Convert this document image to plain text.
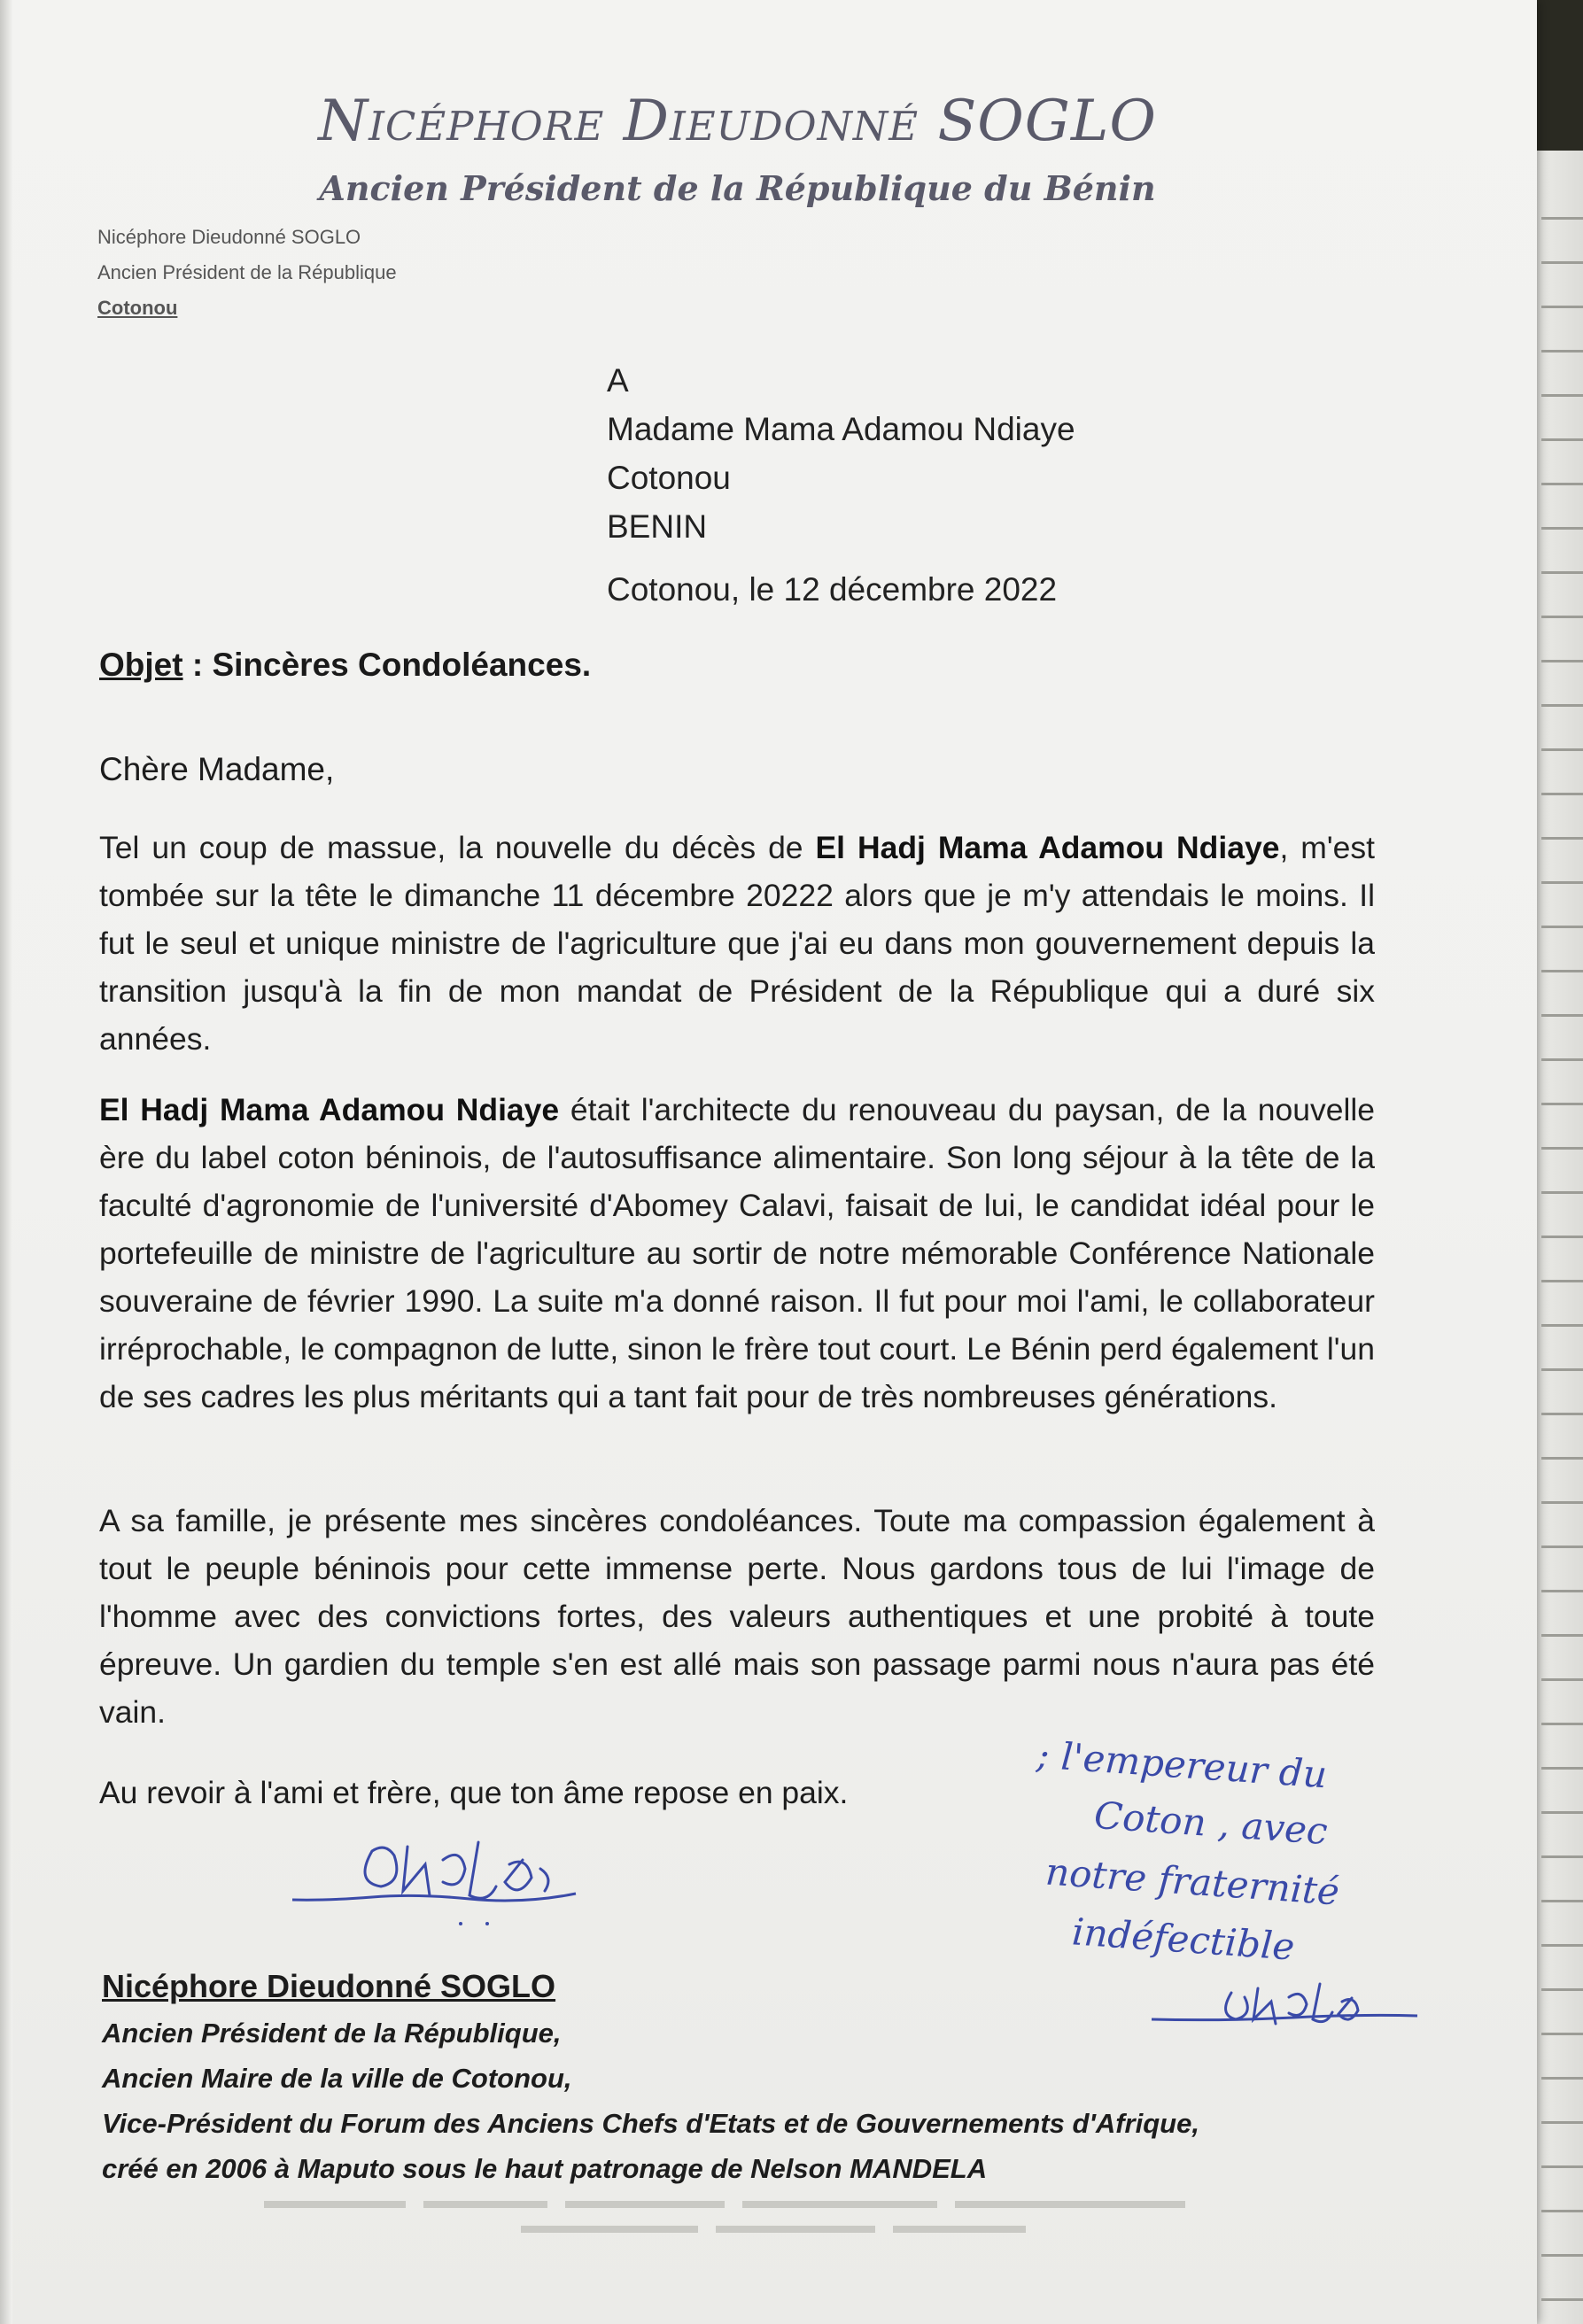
Nicéphore Dieudonné SOGLO
Ancien Président de la République du Bénin
Nicéphore Dieudonné SOGLO
Ancien Président de la République
Cotonou
A
Madame Mama Adamou Ndiaye
Cotonou
BENIN
Cotonou, le 12 décembre 2022
Objet : Sincères Condoléances.
Chère Madame,
Tel un coup de massue, la nouvelle du décès de El Hadj Mama Adamou Ndiaye, m'est tombée sur la tête le dimanche 11 décembre 20222 alors que je m'y attendais le moins. Il fut le seul et unique ministre de l'agriculture que j'ai eu dans mon gouvernement depuis la transition jusqu'à la fin de mon mandat de Président de la République qui a duré six années.
El Hadj Mama Adamou Ndiaye était l'architecte du renouveau du paysan, de la nouvelle ère du label coton béninois, de l'autosuffisance alimentaire. Son long séjour à la tête de la faculté d'agronomie de l'université d'Abomey Calavi, faisait de lui, le candidat idéal pour le portefeuille de ministre de l'agriculture au sortir de notre mémorable Conférence Nationale souveraine de février 1990. La suite m'a donné raison. Il fut pour moi l'ami, le collaborateur irréprochable, le compagnon de lutte, sinon le frère tout court. Le Bénin perd également l'un de ses cadres les plus méritants qui a tant fait pour de très nombreuses générations.
A sa famille, je présente mes sincères condoléances. Toute ma compassion également à tout le peuple béninois pour cette immense perte. Nous gardons tous de lui l'image de l'homme avec des convictions fortes, des valeurs authentiques et une probité à toute épreuve. Un gardien du temple s'en est allé mais son passage parmi nous n'aura pas été vain.
Au revoir à l'ami et frère, que ton âme repose en paix.	; l'empereur du
Coton , avec
notre fraternité
indéfectible
Nicéphore Dieudonné SOGLO
Ancien Président de la République,
Ancien Maire de la ville de Cotonou,
Vice-Président du Forum des Anciens Chefs d'Etats et de Gouvernements d'Afrique,
créé en 2006 à Maputo sous le haut patronage de Nelson MANDELA
